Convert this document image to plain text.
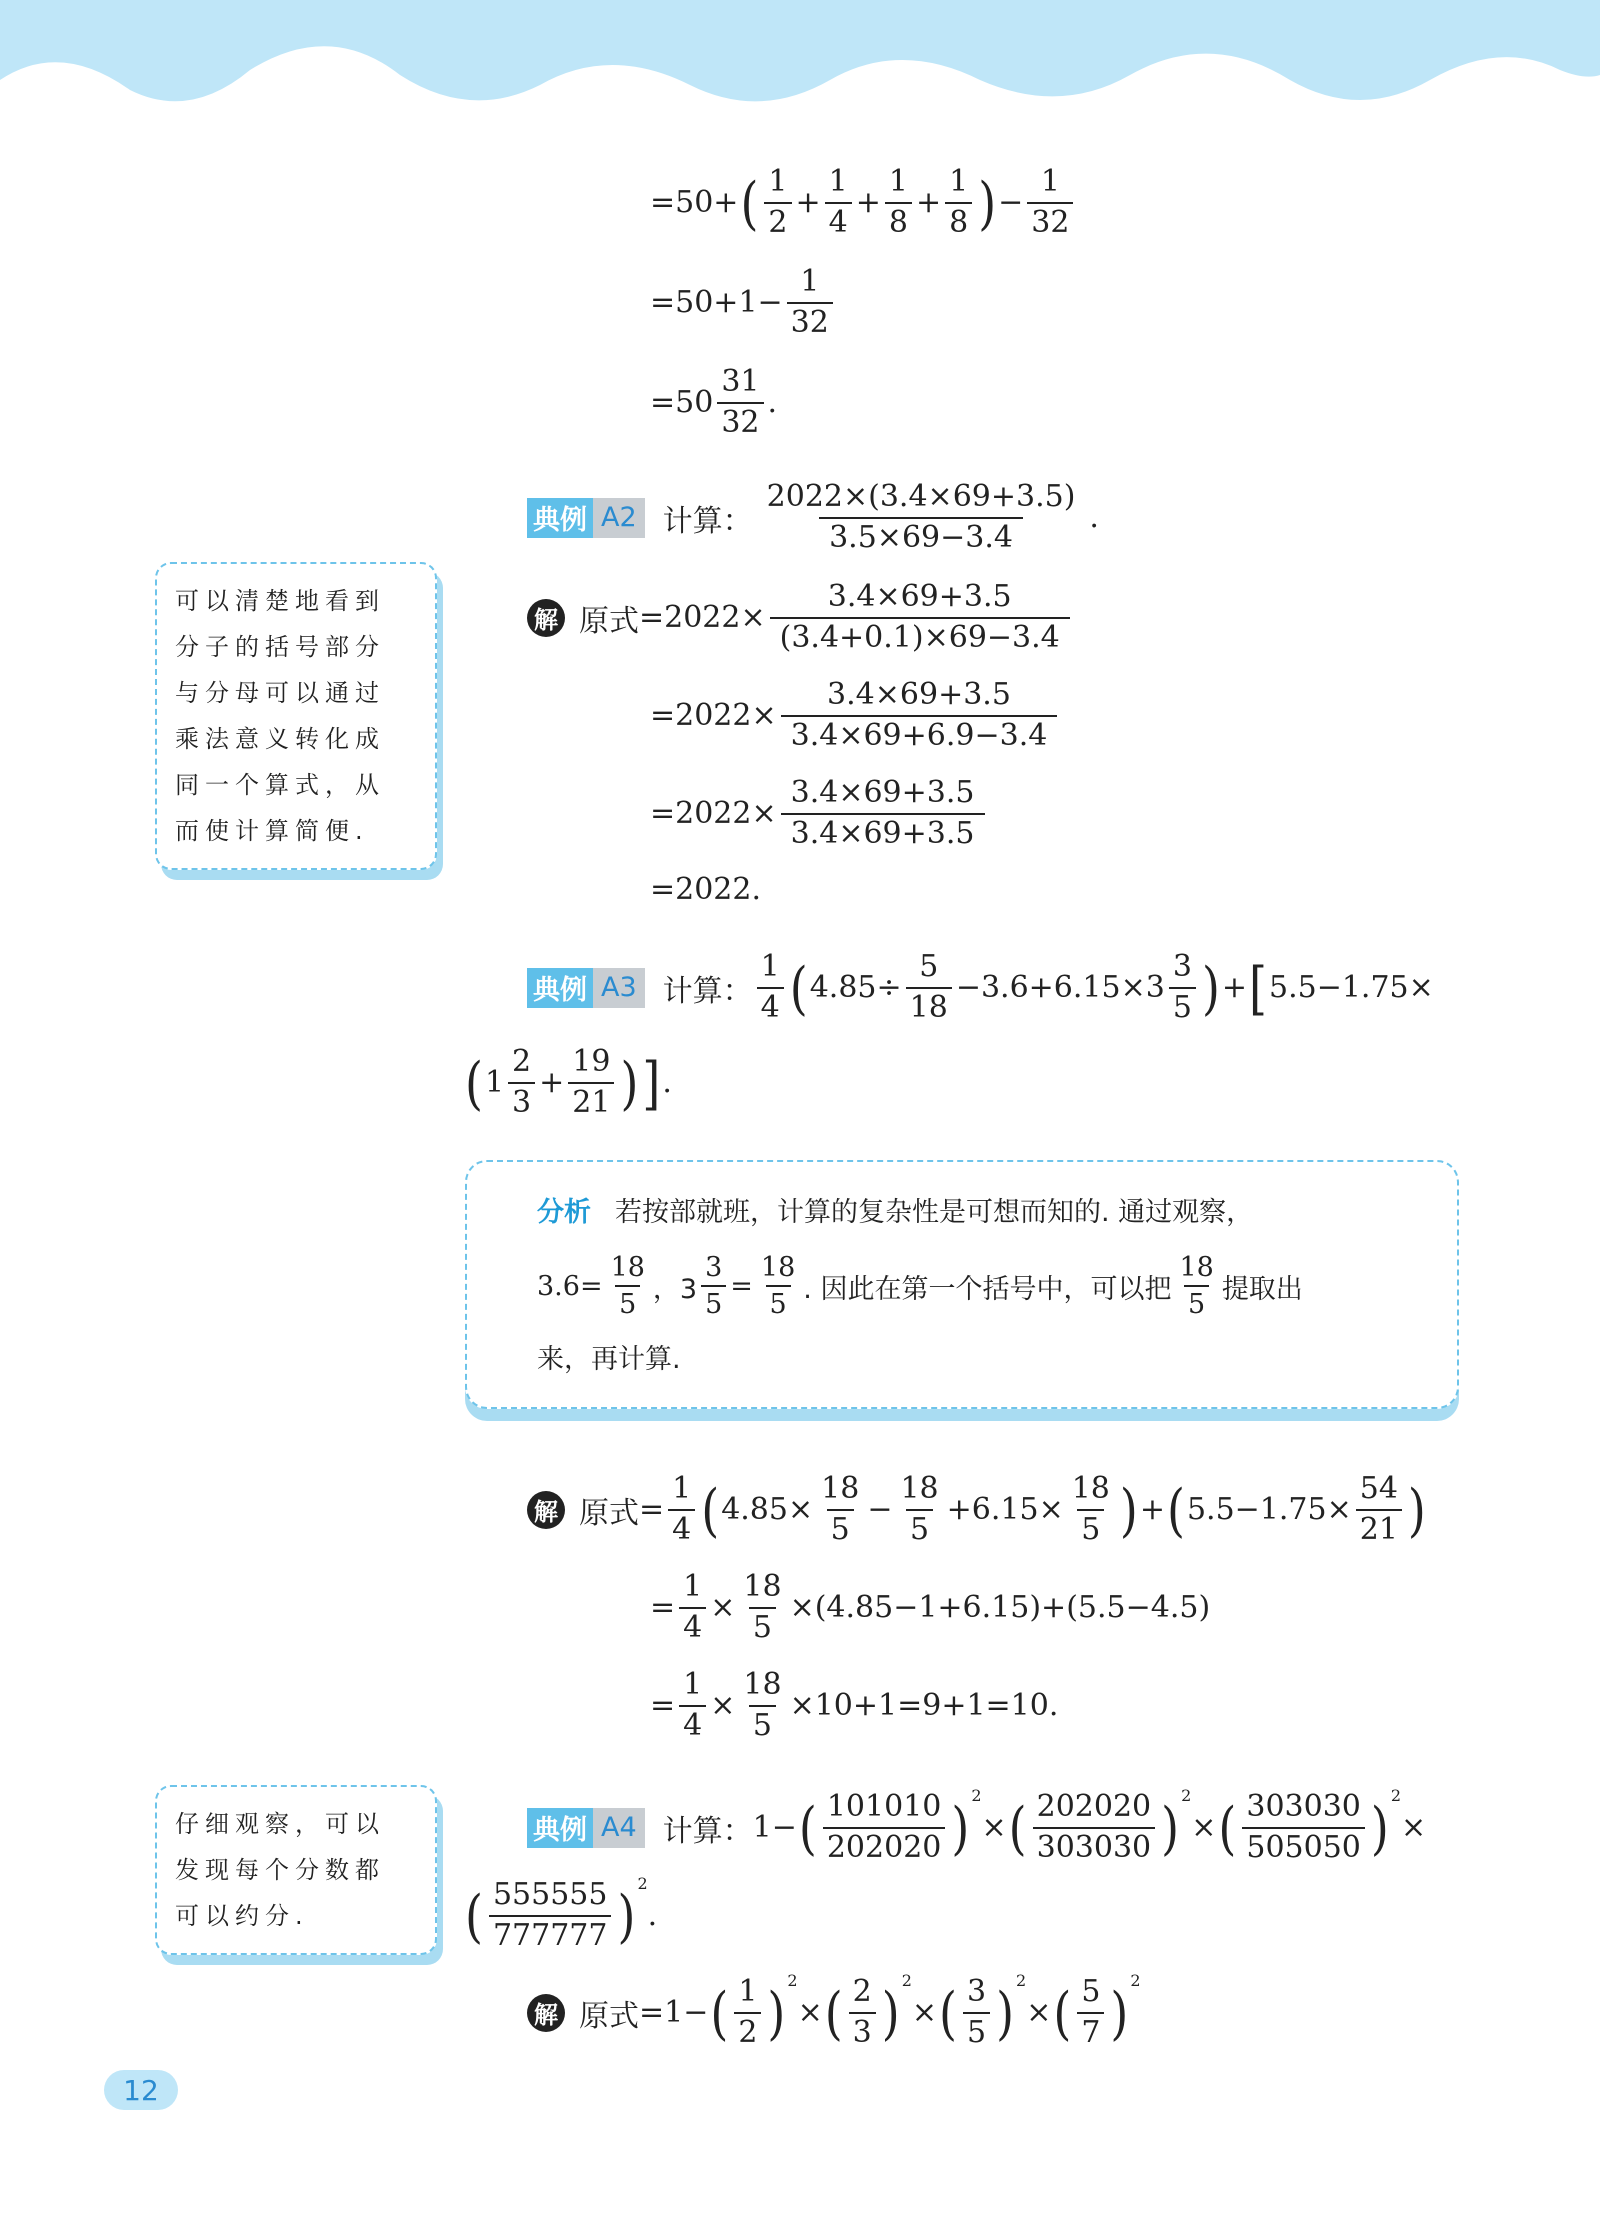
=50+ ( $\frac{1}{2} + \frac{1}{4} + \frac{1}{8} + \frac{1}{8}$ ) − $\frac{1}{32}$
$=50+1- \frac{1}{32}$
$=50 \frac{31}{32}$ .
典例 A2 计算： $\frac{2022\times(3.4\times 69+3.5)}{3.5\times 69-3.4}$ .
解 原式 $=2022\times \frac{3.4\times 69+3.5}{(3.4+0.1)\times 69-3.4}$
$=2022\times \frac{3.4\times 69+3.5}{3.4\times 69+6.9-3.4}$
$=2022\times \frac{3.4\times 69+3.5}{3.4\times 69+3.5}$
=2022.
可以清楚地看到
分子的括号部分
与分母可以通过
乘法意义转化成
同一个算式，从
而使计算简便.
典例 A3 计算： $\frac{1}{4}$ ( $4.85\div \frac{5}{18} -3.6+6.15\times 3 \frac{3}{5}$ ) + [ 5.5−1.75×
( $1 \frac{2}{3} + \frac{19}{21}$ ) ] .
分析 若按部就班，计算的复杂性是可想而知的. 通过观察，
$3.6= \frac{18}{5}$ ，$3 \frac{3}{5} = \frac{18}{5}$ . 因此在第一个括号中，可以把 $\frac{18}{5}$ 提取出
来，再计算.
解 原式 = $\frac{1}{4}$ ( $4.85\times \frac{18}{5} - \frac{18}{5} +6.15\times \frac{18}{5}$ ) + ( $5.5-1.75\times \frac{54}{21}$ )
= $\frac{1}{4} \times \frac{18}{5} \times(4.85-1+6.15)+(5.5-4.5)$
= $\frac{1}{4} \times \frac{18}{5} \times 10+1=9+1=10$.
仔细观察，可以
发现每个分数都
可以约分.
典例 A4 计算： 1− ( $\frac{101010}{202020}$ ) 2
× ( $\frac{202020}{303030}$ ) 2
× ( $\frac{303030}{505050}$ ) 2
×
( $\frac{555555}{777777}$ ) 2
.
解 原式 =1− ( $\frac{1}{2}$ ) 2
× ( $\frac{2}{3}$ ) 2
× ( $\frac{3}{5}$ ) 2
× ( $\frac{5}{7}$ ) 2
12
